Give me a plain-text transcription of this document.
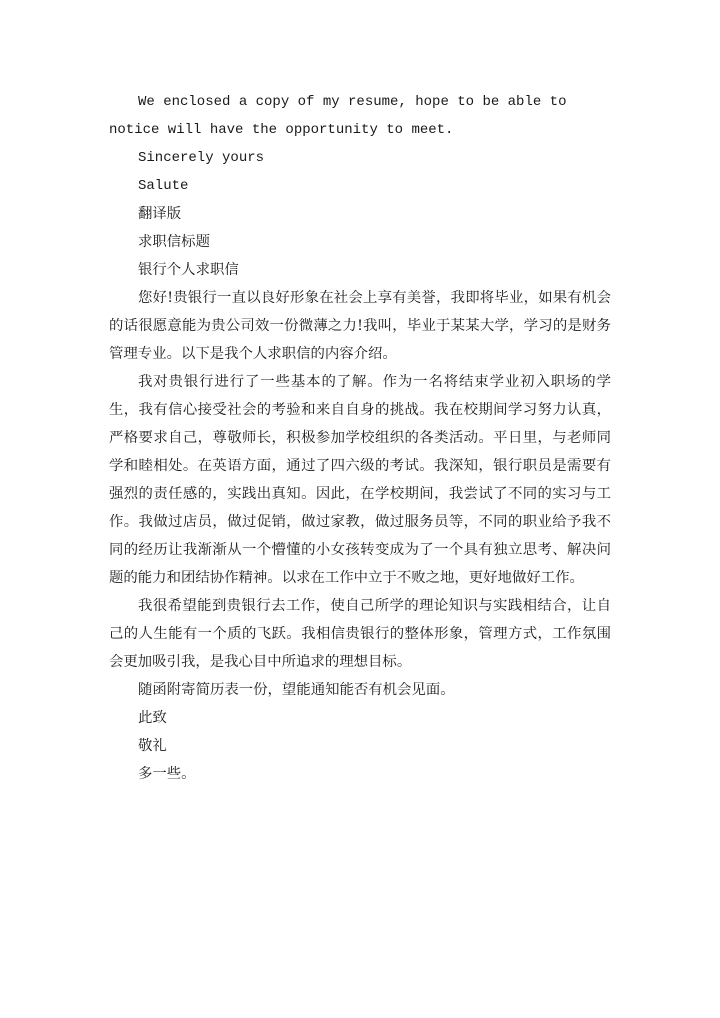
We enclosed a copy of my resume, hope to be able to notice will have the opportunity to meet.

Sincerely yours

Salute

翻译版

求职信标题

银行个人求职信

您好!贵银行一直以良好形象在社会上享有美誉，我即将毕业，如果有机会的话很愿意能为贵公司效一份微薄之力!我叫，毕业于某某大学，学习的是财务管理专业。以下是我个人求职信的内容介绍。

我对贵银行进行了一些基本的了解。作为一名将结束学业初入职场的学生，我有信心接受社会的考验和来自自身的挑战。我在校期间学习努力认真，严格要求自己，尊敬师长，积极参加学校组织的各类活动。平日里，与老师同学和睦相处。在英语方面，通过了四六级的考试。我深知，银行职员是需要有强烈的责任感的，实践出真知。因此，在学校期间，我尝试了不同的实习与工作。我做过店员，做过促销，做过家教，做过服务员等，不同的职业给予我不同的经历让我渐渐从一个懵懂的小女孩转变成为了一个具有独立思考、解决问题的能力和团结协作精神。以求在工作中立于不败之地，更好地做好工作。

我很希望能到贵银行去工作，使自己所学的理论知识与实践相结合，让自己的人生能有一个质的飞跃。我相信贵银行的整体形象，管理方式，工作氛围会更加吸引我，是我心目中所追求的理想目标。

随函附寄简历表一份，望能通知能否有机会见面。

此致

敬礼

多一些。
